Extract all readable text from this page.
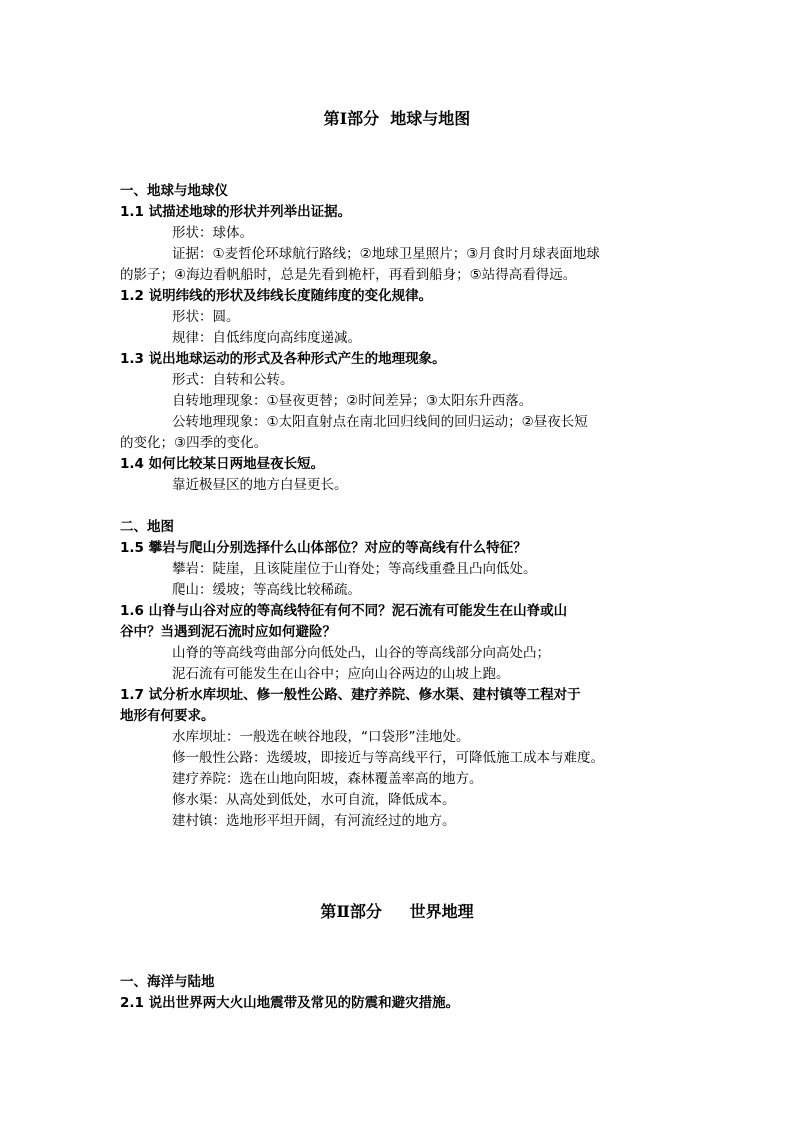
第Ⅰ部分  地球与地图
一、地球与地球仪
1.1 试描述地球的形状并列举出证据。
形状：球体。
证据：①麦哲伦环球航行路线；②地球卫星照片；③月食时月球表面地球
的影子；④海边看帆船时，总是先看到桅杆，再看到船身；⑤站得高看得远。
1.2 说明纬线的形状及纬线长度随纬度的变化规律。
形状：圆。
规律：自低纬度向高纬度递减。
1.3 说出地球运动的形式及各种形式产生的地理现象。
形式：自转和公转。
自转地理现象：①昼夜更替；②时间差异；③太阳东升西落。
公转地理现象：①太阳直射点在南北回归线间的回归运动；②昼夜长短
的变化；③四季的变化。
1.4 如何比较某日两地昼夜长短。
靠近极昼区的地方白昼更长。
二、地图
1.5 攀岩与爬山分别选择什么山体部位？对应的等高线有什么特征？
攀岩：陡崖，且该陡崖位于山脊处；等高线重叠且凸向低处。
爬山：缓坡；等高线比较稀疏。
1.6 山脊与山谷对应的等高线特征有何不同？泥石流有可能发生在山脊或山
谷中？当遇到泥石流时应如何避险？
山脊的等高线弯曲部分向低处凸，山谷的等高线部分向高处凸；
泥石流有可能发生在山谷中；应向山谷两边的山坡上跑。
1.7 试分析水库坝址、修一般性公路、建疗养院、修水渠、建村镇等工程对于
地形有何要求。
水库坝址：一般选在峡谷地段，“口袋形”洼地处。
修一般性公路：选缓坡，即接近与等高线平行，可降低施工成本与难度。
建疗养院：选在山地向阳坡，森林覆盖率高的地方。
修水渠：从高处到低处，水可自流，降低成本。
建村镇：选地形平坦开阔，有河流经过的地方。
第Ⅱ部分     世界地理
一、海洋与陆地
2.1 说出世界两大火山地震带及常见的防震和避灾措施。
